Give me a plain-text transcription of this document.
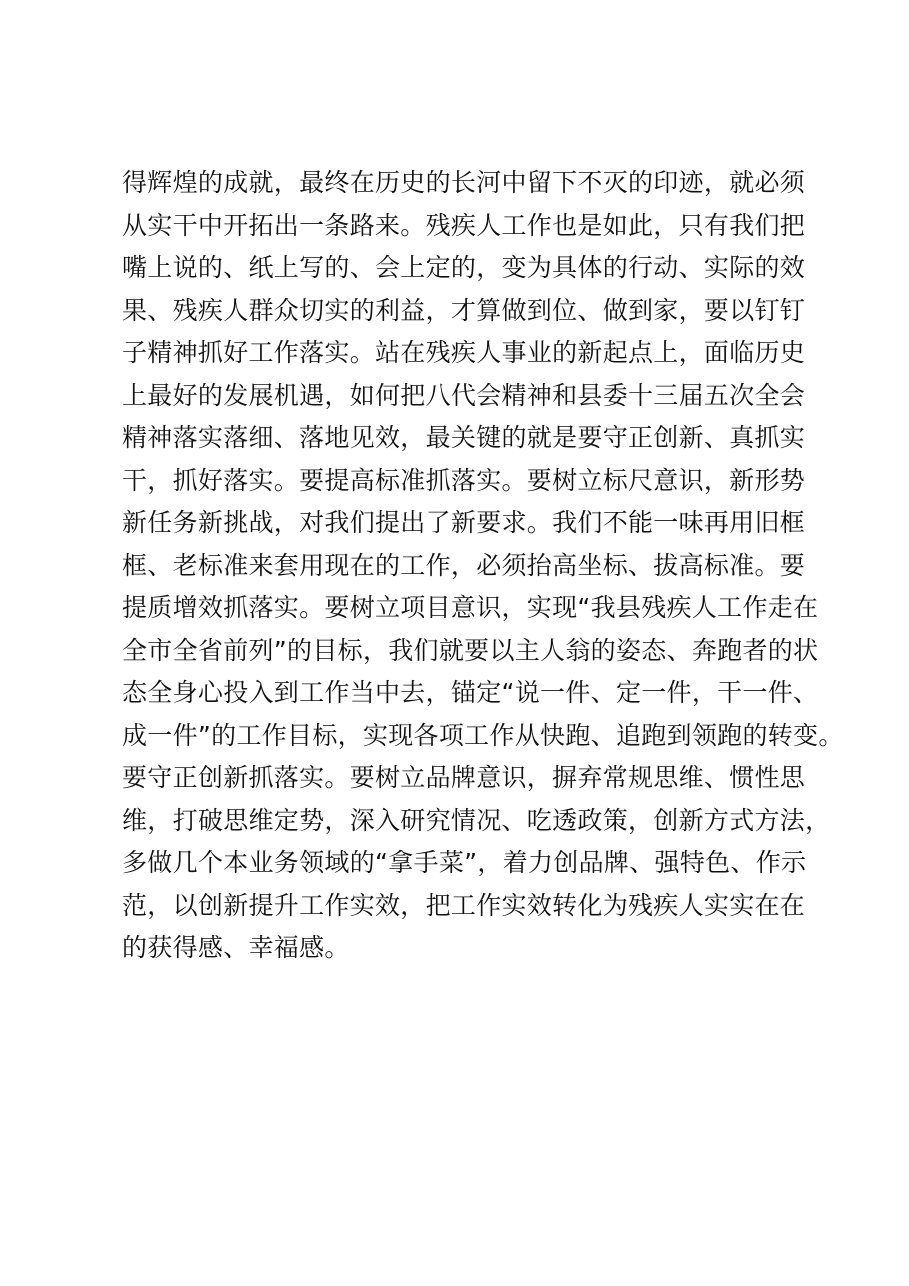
得辉煌的成就，最终在历史的长河中留下不灭的印迹，就必须
从实干中开拓出一条路来。残疾人工作也是如此，只有我们把
嘴上说的、纸上写的、会上定的，变为具体的行动、实际的效
果、残疾人群众切实的利益，才算做到位、做到家，要以钉钉
子精神抓好工作落实。站在残疾人事业的新起点上，面临历史
上最好的发展机遇，如何把八代会精神和县委十三届五次全会
精神落实落细、落地见效，最关键的就是要守正创新、真抓实
干，抓好落实。要提高标准抓落实。要树立标尺意识，新形势
新任务新挑战，对我们提出了新要求。我们不能一味再用旧框
框、老标准来套用现在的工作，必须抬高坐标、拔高标准。要
提质增效抓落实。要树立项目意识，实现“我县残疾人工作走在
全市全省前列”的目标，我们就要以主人翁的姿态、奔跑者的状
态全身心投入到工作当中去，锚定“说一件、定一件，干一件、
成一件”的工作目标，实现各项工作从快跑、追跑到领跑的转变。
要守正创新抓落实。要树立品牌意识，摒弃常规思维、惯性思
维，打破思维定势，深入研究情况、吃透政策，创新方式方法，
多做几个本业务领域的“拿手菜”，着力创品牌、强特色、作示
范，以创新提升工作实效，把工作实效转化为残疾人实实在在
的获得感、幸福感。
